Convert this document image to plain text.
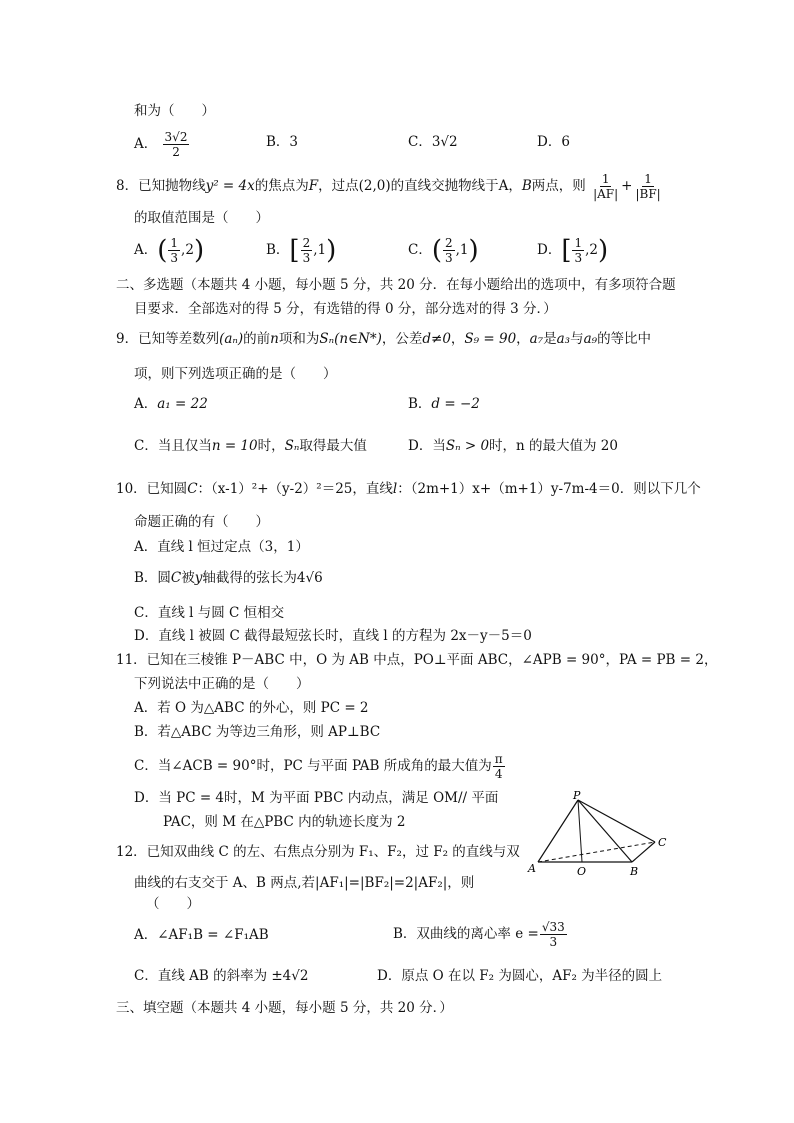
和为（　　）
A． $\frac{3√2}{2}$	B．3	C．3√2	D．6
8．已知抛物线y² = 4x的焦点为F，过点(2,0)的直线交抛物线于A，B两点，则 $\frac{1}{|AF|} + \frac{1}{|BF|}$
的取值范围是（　　）
A．( $\frac{1}{3} ,2$)	B．[ $\frac{2}{3} ,1$)	C．( $\frac{2}{3} ,1$)	D．[ $\frac{1}{3} ,2$)
二、多选题（本题共 4 小题，每小题 5 分，共 20 分．在每小题给出的选项中，有多项符合题
目要求．全部选对的得 5 分，有选错的得 0 分，部分选对的得 3 分．）
9．已知等差数列(aₙ)的前n项和为Sₙ(n∈N*)，公差d≠0，S₉ = 90，a₇是a₃与a₉的等比中
项，则下列选项正确的是（　　）
A．a₁ = 22	B．d = −2
C．当且仅当n = 10时，Sₙ取得最大值	D．当Sₙ > 0时，n 的最大值为 20
10．已知圆C：（x-1）²+（y-2）²＝25，直线l：（2m+1）x+（m+1）y-7m-4＝0．则以下几个
命题正确的有（　　）
A．直线 l 恒过定点（3，1）
B．圆C被y轴截得的弦长为4√6
C．直线 l 与圆 C 恒相交
D．直线 l 被圆 C 截得最短弦长时，直线 l 的方程为 2x－y－5＝0
11．已知在三棱锥 P－ABC 中，O 为 AB 中点，PO⊥平面 ABC，∠APB = 90°，PA = PB = 2，
下列说法中正确的是（　　）
A．若 O 为△ABC 的外心，则 PC = 2
B．若△ABC 为等边三角形，则 AP⊥BC
C．当∠ACB = 90°时，PC 与平面 PAB 所成角的最大值为 $\frac{\pi}{4}$
D．当 PC = 4时，M 为平面 PBC 内动点，满足 OM// 平面
PAC，则 M 在△PBC 内的轨迹长度为 2
P
A	O	B
C
12．已知双曲线 C 的左、右焦点分别为 F₁、F₂，过 F₂ 的直线与双
曲线的右支交于 A、B 两点,若|AF₁|=|BF₂|=2|AF₂|，则
（　　）
A．∠AF₁B = ∠F₁AB	B．双曲线的离心率 $e = \frac{√33}{3}$
C．直线 AB 的斜率为 ±4√2	D．原点 O 在以 F₂ 为圆心，AF₂ 为半径的圆上
三、填空题（本题共 4 小题，每小题 5 分，共 20 分．）
